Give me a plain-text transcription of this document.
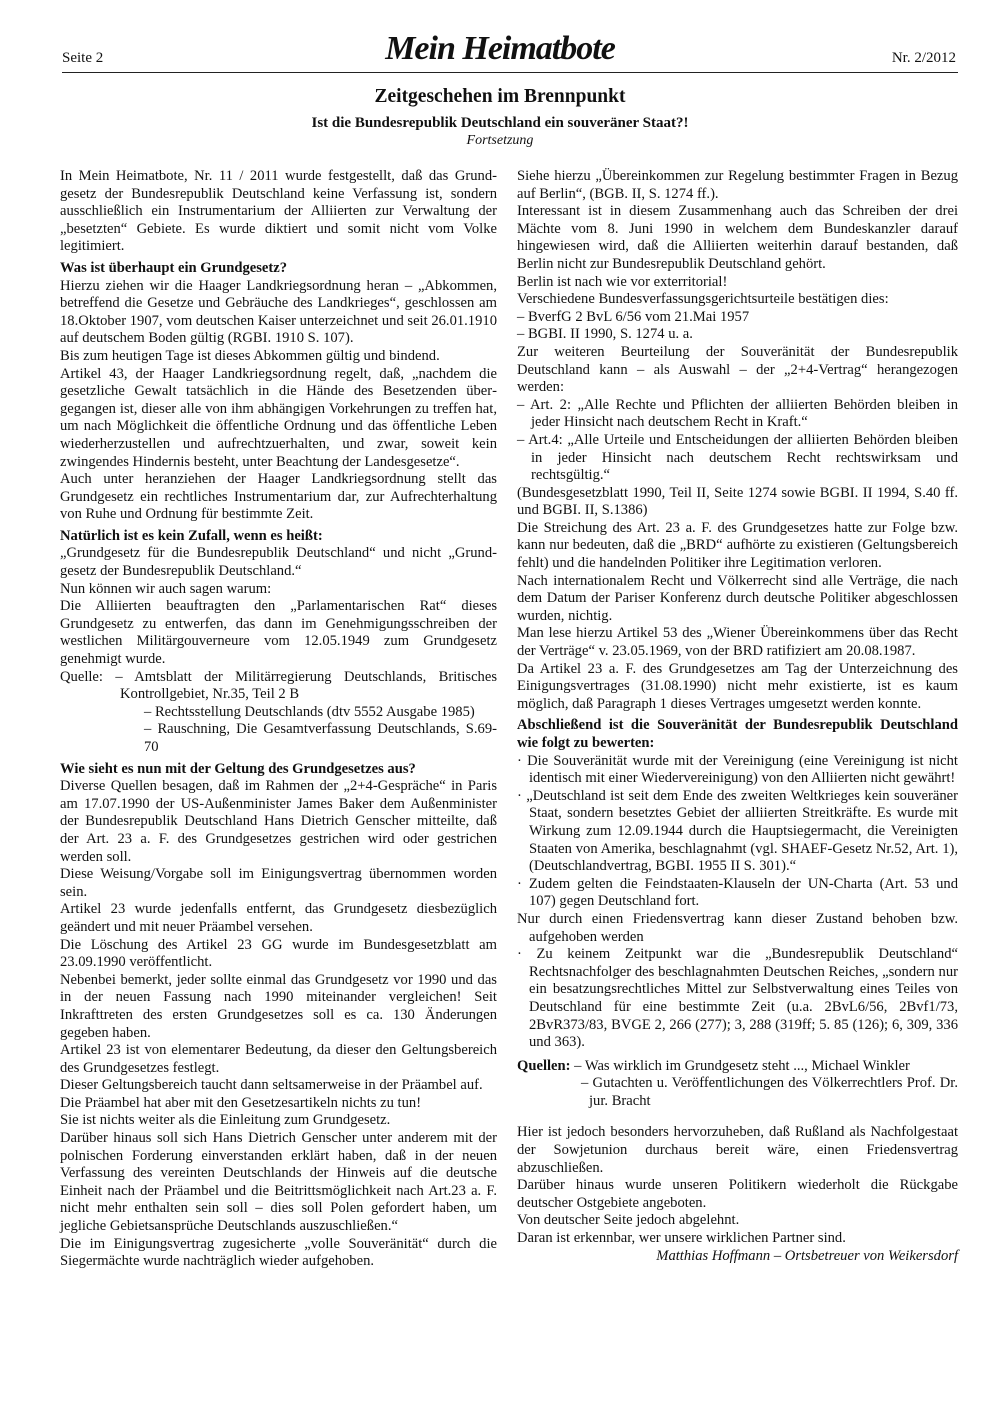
Seite 2	Mein Heimatbote	Nr. 2/2012
Zeitgeschehen im Brennpunkt
Ist die Bundesrepublik Deutschland ein souveräner Staat?!
Fortsetzung

In Mein Heimatbote, Nr. 11 / 2011 wurde festgestellt, daß das Grundgesetz der Bundesrepublik Deutschland keine Verfassung ist, sondern ausschließlich ein Instrumentarium der Alliierten zur Verwaltung der „besetzten“ Gebiete. Es wurde diktiert und somit nicht vom Volke legitimiert.

Was ist überhaupt ein Grundgesetz?

Hierzu ziehen wir die Haager Landkriegsordnung heran – „Abkommen, betreffend die Gesetze und Gebräuche des Landkrieges“, geschlossen am 18.Oktober 1907, vom deutschen Kaiser unterzeichnet und seit 26.01.1910 auf deutschem Boden gültig (RGBI. 1910 S. 107).

Bis zum heutigen Tage ist dieses Abkommen gültig und bindend.

Artikel 43, der Haager Landkriegsordnung regelt, daß, „nachdem die gesetzliche Gewalt tatsächlich in die Hände des Besetzenden übergegangen ist, dieser alle von ihm abhängigen Vorkehrungen zu treffen hat, um nach Möglichkeit die öffentliche Ordnung und das öffentliche Leben wiederherzustellen und aufrechtzuerhalten, und zwar, soweit kein zwingendes Hindernis besteht, unter Beachtung der Landesgesetze“.

Auch unter heranziehen der Haager Landkriegsordnung stellt das Grundgesetz ein rechtliches Instrumentarium dar, zur Aufrechterhaltung von Ruhe und Ordnung für bestimmte Zeit.

Natürlich ist es kein Zufall, wenn es heißt:

„Grundgesetz für die Bundesrepublik Deutschland“ und nicht „Grundgesetz der Bundesrepublik Deutschland.“

Nun können wir auch sagen warum:

Die Alliierten beauftragten den „Parlamentarischen Rat“ dieses Grundgesetz zu entwerfen, das dann im Genehmigungsschreiben der westlichen Militärgouverneure vom 12.05.1949 zum Grundgesetz genehmigt wurde.

Quelle: – Amtsblatt der Militärregierung Deutschlands, Britisches Kontrollgebiet, Nr.35, Teil 2 B

– Rechtsstellung Deutschlands (dtv 5552 Ausgabe 1985)

– Rauschning, Die Gesamtverfassung Deutschlands, S.69-70

Wie sieht es nun mit der Geltung des Grundgesetzes aus?

Diverse Quellen besagen, daß im Rahmen der „2+4-Gespräche“ in Paris am 17.07.1990 der US-Außenminister James Baker dem Außenminister der Bundesrepublik Deutschland Hans Dietrich Genscher mitteilte, daß der Art. 23 a. F. des Grundgesetzes gestrichen wird oder gestrichen werden soll.

Diese Weisung/Vorgabe soll im Einigungsvertrag übernommen worden sein.

Artikel 23 wurde jedenfalls entfernt, das Grundgesetz diesbezüglich geändert und mit neuer Präambel versehen.

Die Löschung des Artikel 23 GG wurde im Bundesgesetzblatt am 23.09.1990 veröffentlicht.

Nebenbei bemerkt, jeder sollte einmal das Grundgesetz vor 1990 und das in der neuen Fassung nach 1990 miteinander vergleichen! Seit Inkrafttreten des ersten Grundgesetzes soll es ca. 130 Änderungen gegeben haben.

Artikel 23 ist von elementarer Bedeutung, da dieser den Geltungsbereich des Grundgesetzes festlegt.

Dieser Geltungsbereich taucht dann seltsamerweise in der Präambel auf.

Die Präambel hat aber mit den Gesetzesartikeln nichts zu tun!

Sie ist nichts weiter als die Einleitung zum Grundgesetz.

Darüber hinaus soll sich Hans Dietrich Genscher unter anderem mit der polnischen Forderung einverstanden erklärt haben, daß in der neuen Verfassung des vereinten Deutschlands der Hinweis auf die deutsche Einheit nach der Präambel und die Beitrittsmöglichkeit nach Art.23 a. F. nicht mehr enthalten sein soll – dies soll Polen gefordert haben, um jegliche Gebietsansprüche Deutschlands auszuschließen.“

Die im Einigungsvertrag zugesicherte „volle Souveränität“ durch die Siegermächte wurde nachträglich wieder aufgehoben.

Siehe hierzu „Übereinkommen zur Regelung bestimmter Fragen in Bezug auf Berlin“, (BGB. II, S. 1274 ff.).

Interessant ist in diesem Zusammenhang auch das Schreiben der drei Mächte vom 8. Juni 1990 in welchem dem Bundeskanzler darauf hingewiesen wird, daß die Alliierten weiterhin darauf bestanden, daß Berlin nicht zur Bundesrepublik Deutschland gehört.

Berlin ist nach wie vor exterritorial!

Verschiedene Bundesverfassungsgerichtsurteile bestätigen dies:

– BverfG 2 BvL 6/56 vom 21.Mai 1957

– BGBI. II 1990, S. 1274 u. a.

Zur weiteren Beurteilung der Souveränität der Bundesrepublik Deutschland kann – als Auswahl – der „2+4-Vertrag“ herangezogen werden:

– Art. 2: „Alle Rechte und Pflichten der alliierten Behörden bleiben in jeder Hinsicht nach deutschem Recht in Kraft.“

– Art.4: „Alle Urteile und Entscheidungen der alliierten Behörden bleiben in jeder Hinsicht nach deutschem Recht rechtswirksam und rechtsgültig.“

(Bundesgesetzblatt 1990, Teil II, Seite 1274 sowie BGBI. II 1994, S.40 ff. und BGBI. II, S.1386)

Die Streichung des Art. 23 a. F. des Grundgesetzes hatte zur Folge bzw. kann nur bedeuten, daß die „BRD“ aufhörte zu existieren (Geltungsbereich fehlt) und die handelnden Politiker ihre Legitimation verloren.

Nach internationalem Recht und Völkerrecht sind alle Verträge, die nach dem Datum der Pariser Konferenz durch deutsche Politiker abgeschlossen wurden, nichtig.

Man lese hierzu Artikel 53 des „Wiener Übereinkommens über das Recht der Verträge“ v. 23.05.1969, von der BRD ratifiziert am 20.08.1987.

Da Artikel 23 a. F. des Grundgesetzes am Tag der Unterzeichnung des Einigungsvertrages (31.08.1990) nicht mehr existierte, ist es kaum möglich, daß Paragraph 1 dieses Vertrages umgesetzt werden konnte.

Abschließend ist die Souveränität der Bundesrepublik Deutschland wie folgt zu bewerten:

· Die Souveränität wurde mit der Vereinigung (eine Vereinigung ist nicht identisch mit einer Wiedervereinigung) von den Alliierten nicht gewährt!

· „Deutschland ist seit dem Ende des zweiten Weltkrieges kein souveräner Staat, sondern besetztes Gebiet der alliierten Streitkräfte. Es wurde mit Wirkung zum 12.09.1944 durch die Hauptsiegermacht, die Vereinigten Staaten von Amerika, beschlagnahmt (vgl. SHAEF-Gesetz Nr.52, Art. 1), (Deutschlandvertrag, BGBI. 1955 II S. 301).“

· Zudem gelten die Feindstaaten-Klauseln der UN-Charta (Art. 53 und 107) gegen Deutschland fort.

Nur durch einen Friedensvertrag kann dieser Zustand behoben bzw. aufgehoben werden

· Zu keinem Zeitpunkt war die „Bundesrepublik Deutschland“ Rechtsnachfolger des beschlagnahmten Deutschen Reiches, „sondern nur ein besatzungsrechtliches Mittel zur Selbstverwaltung eines Teiles von Deutschland für eine bestimmte Zeit (u.a. 2BvL6/56, 2Bvf1/73, 2BvR373/83, BVGE 2, 266 (277); 3, 288 (319ff; 5. 85 (126); 6, 309, 336 und 363).

Quellen: – Was wirklich im Grundgesetz steht ..., Michael Winkler

– Gutachten u. Veröffentlichungen des Völkerrechtlers Prof. Dr. jur. Bracht

Hier ist jedoch besonders hervorzuheben, daß Rußland als Nachfolgestaat der Sowjetunion durchaus bereit wäre, einen Friedensvertrag abzuschließen.

Darüber hinaus wurde unseren Politikern wiederholt die Rückgabe deutscher Ostgebiete angeboten.

Von deutscher Seite jedoch abgelehnt.

Daran ist erkennbar, wer unsere wirklichen Partner sind.

Matthias Hoffmann – Ortsbetreuer von Weikersdorf
